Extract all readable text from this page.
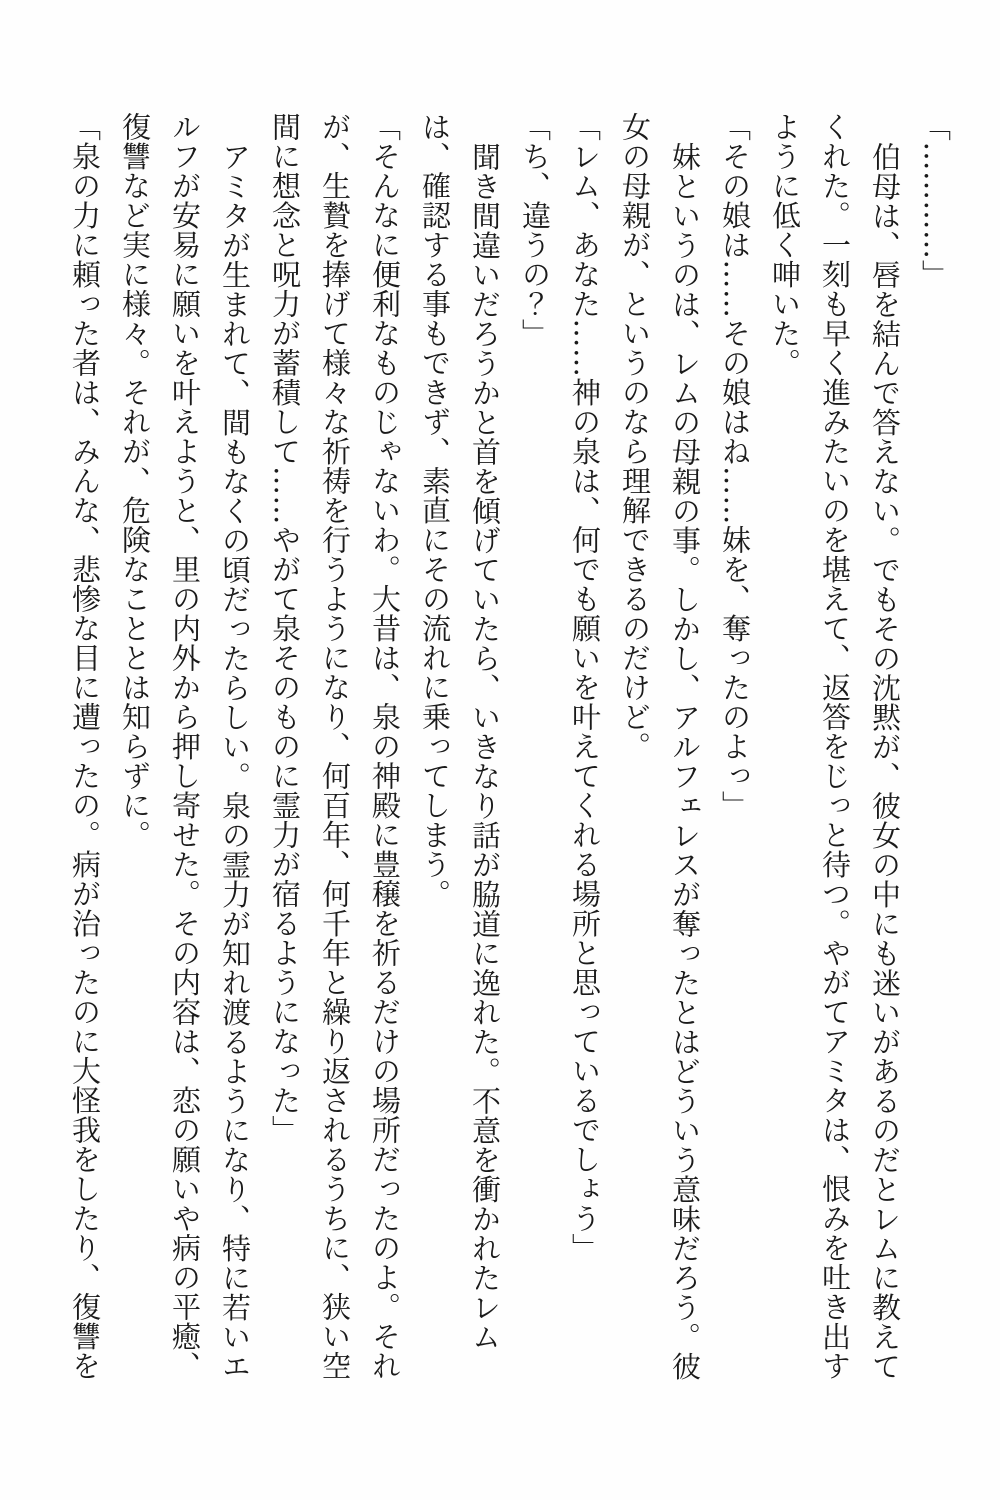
「…………」

伯母は、唇を結んで答えない。でもその沈黙が、彼女の中にも迷いがあるのだとレムに教えて

くれた。一刻も早く進みたいのを堪えて、返答をじっと待つ。やがてアミタは、恨みを吐き出す

ように低く呻いた。

「その娘は……その娘はね……妹を、奪ったのよっ」

妹というのは、レムの母親の事。しかし、アルフェレスが奪ったとはどういう意味だろう。彼

女の母親が、というのなら理解できるのだけど。

「レム、あなた……神の泉は、何でも願いを叶えてくれる場所と思っているでしょう」

「ち、違うの？」

聞き間違いだろうかと首を傾げていたら、いきなり話が脇道に逸れた。不意を衝かれたレム

は、確認する事もできず、素直にその流れに乗ってしまう。

「そんなに便利なものじゃないわ。大昔は、泉の神殿に豊穣を祈るだけの場所だったのよ。それ

が、生贄を捧げて様々な祈祷を行うようになり、何百年、何千年と繰り返されるうちに、狭い空

間に想念と呪力が蓄積して……やがて泉そのものに霊力が宿るようになった」

アミタが生まれて、間もなくの頃だったらしい。泉の霊力が知れ渡るようになり、特に若いエ

ルフが安易に願いを叶えようと、里の内外から押し寄せた。その内容は、恋の願いや病の平癒、

復讐など実に様々。それが、危険なこととは知らずに。

「泉の力に頼った者は、みんな、悲惨な目に遭ったの。病が治ったのに大怪我をしたり、復讐を
